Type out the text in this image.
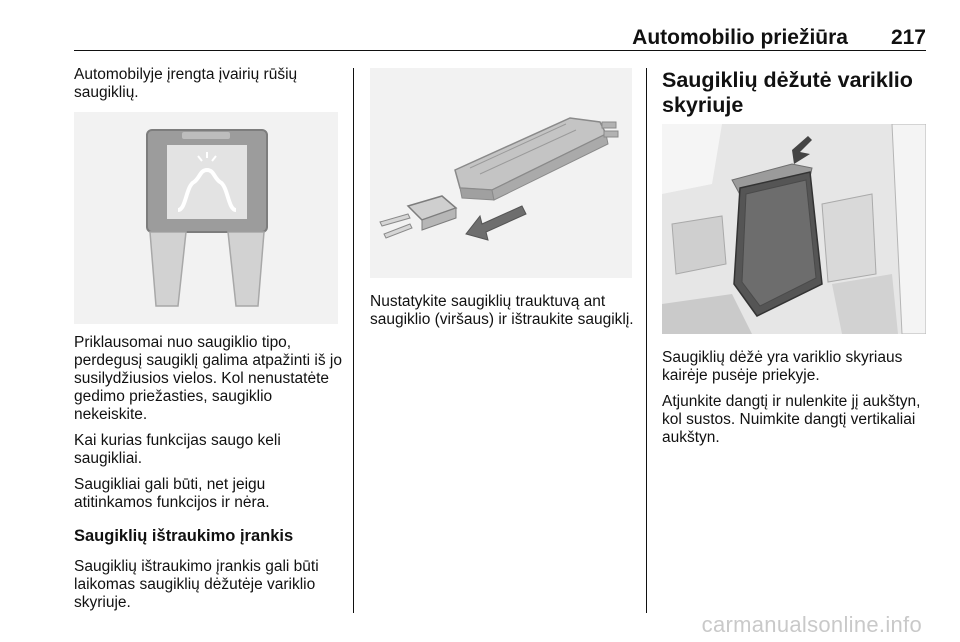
Automobilio priežiūra 217

Automobilyje įrengta įvairių rūšių saugiklių.

Priklausomai nuo saugiklio tipo, perdegusį saugiklį galima atpažinti iš jo susilydžiusios vielos. Kol nenustatėte gedimo priežasties, saugiklio nekeiskite.

Kai kurias funkcijas saugo keli saugikliai.

Saugikliai gali būti, net jeigu atitinkamos funkcijos ir nėra.

Saugiklių ištraukimo įrankis

Saugiklių ištraukimo įrankis gali būti laikomas saugiklių dėžutėje variklio skyriuje.

Nustatykite saugiklių trauktuvą ant saugiklio (viršaus) ir ištraukite saugiklį.

Saugiklių dėžutė variklio skyriuje

Saugiklių dėžė yra variklio skyriaus kairėje pusėje priekyje.

Atjunkite dangtį ir nulenkite jį aukštyn, kol sustos. Nuimkite dangtį vertikaliai aukštyn.

carmanualsonline.info
